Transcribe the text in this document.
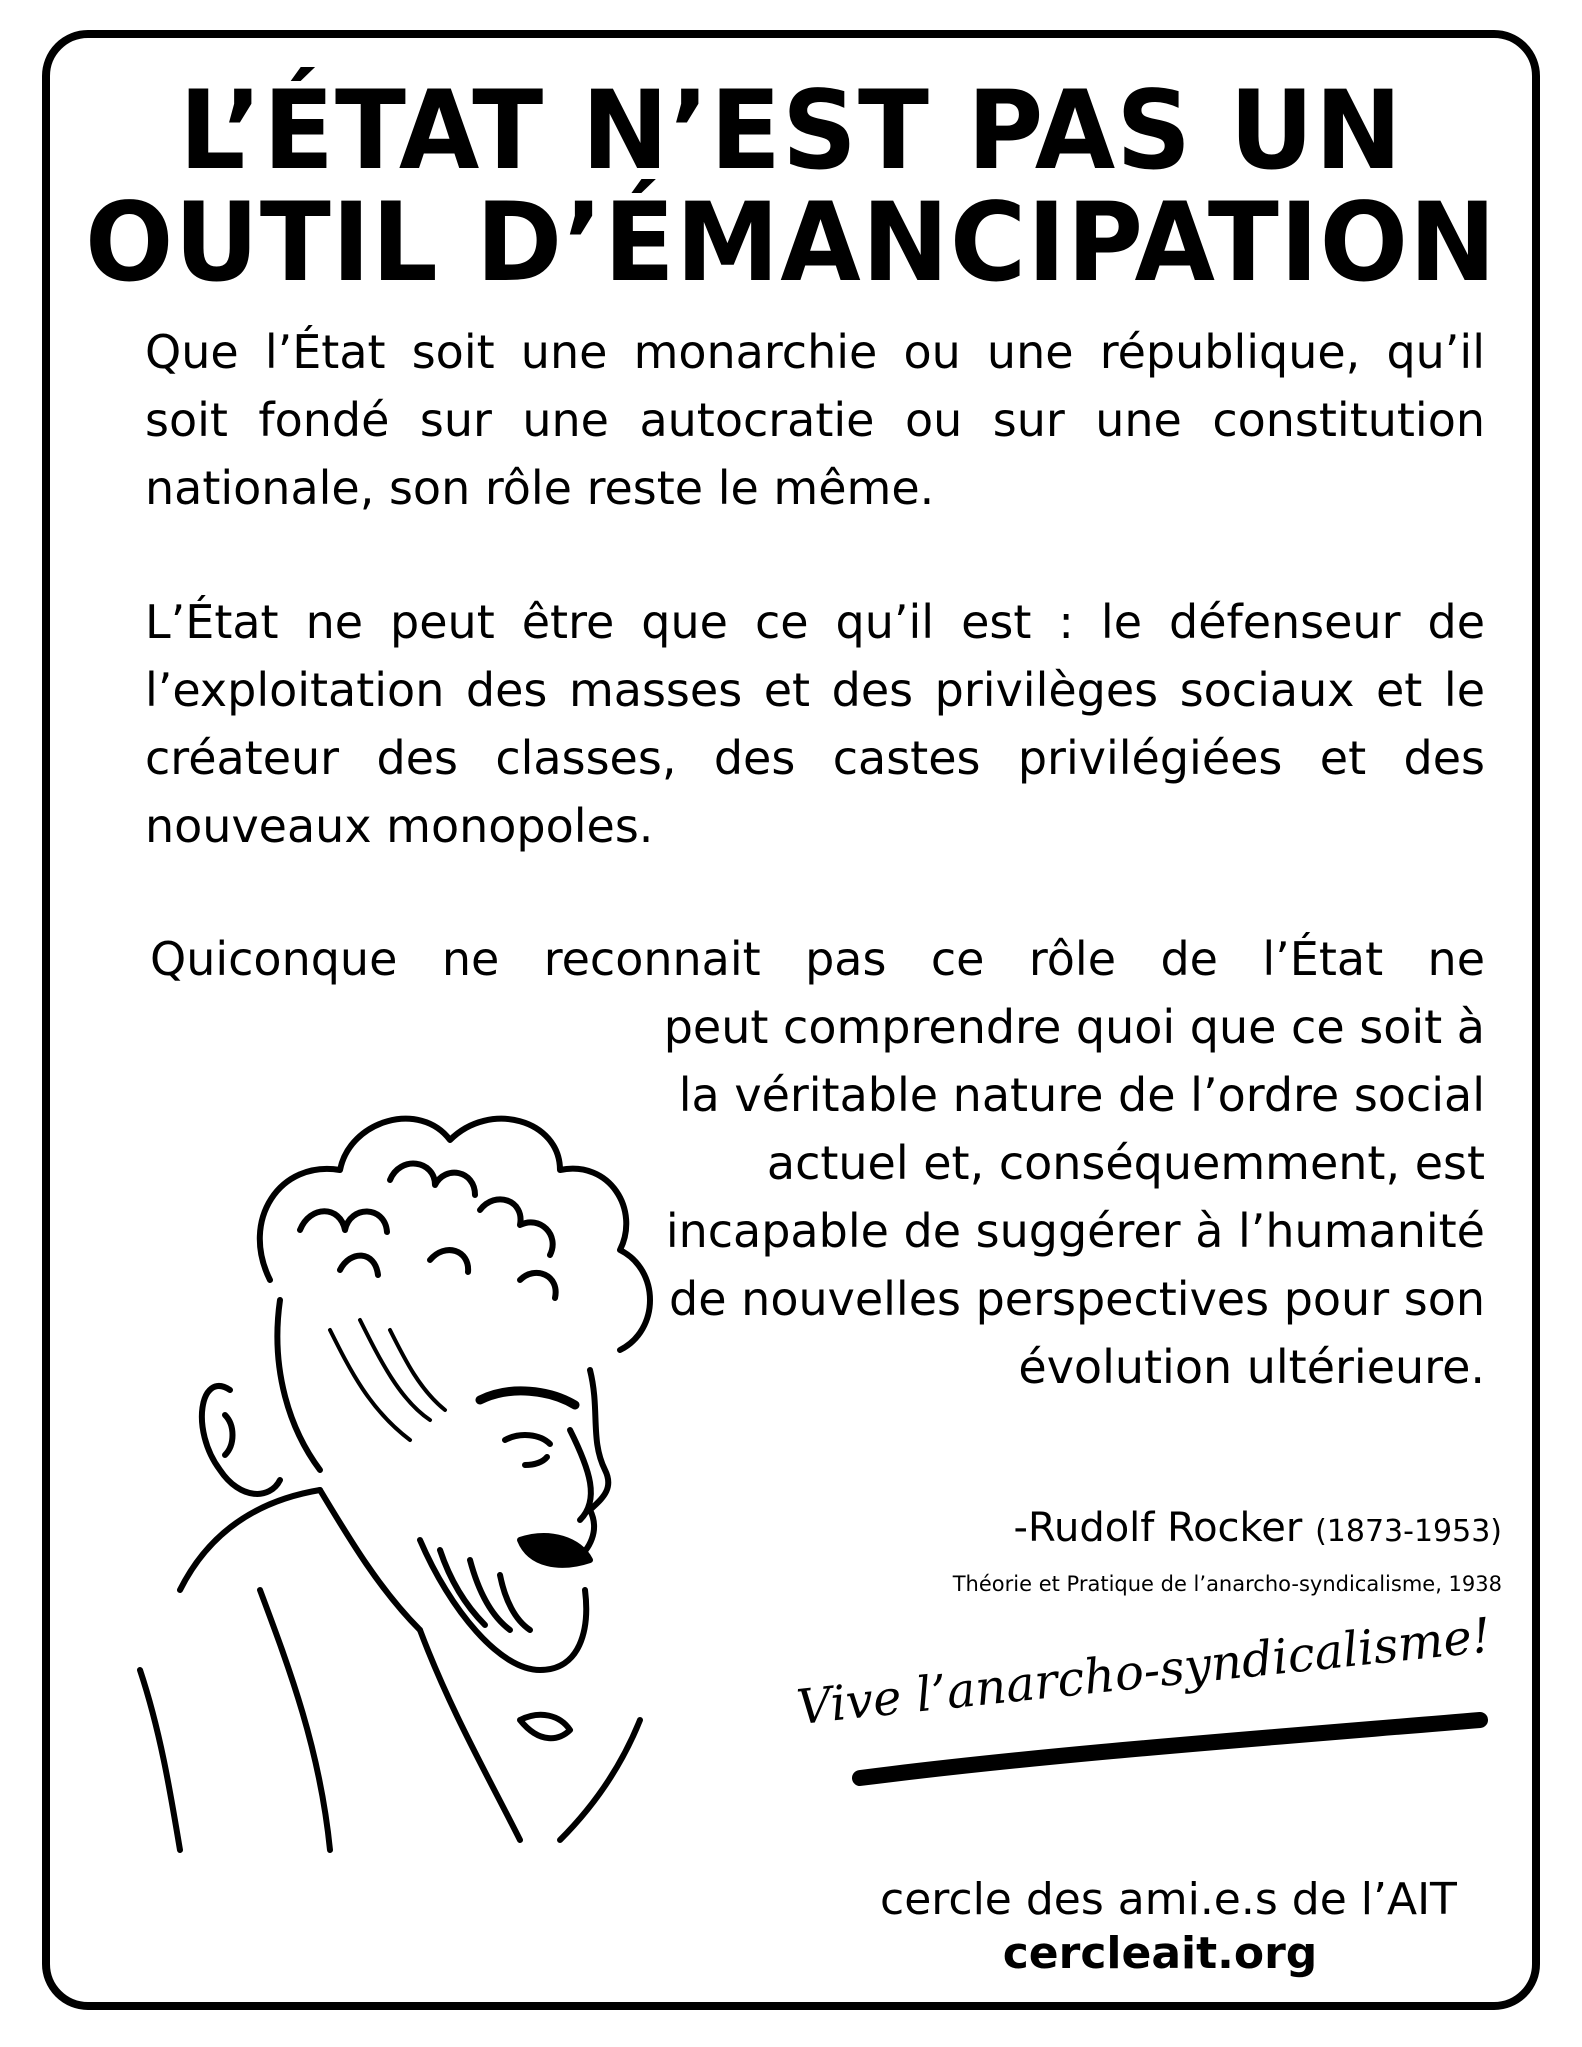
L’ÉTAT N’EST PAS UN
OUTIL D’ÉMANCIPATION

Que l’État soit une monarchie ou une république, qu’il soit fondé sur une autocratie ou sur une constitution nationale, son rôle reste le même.

L’État ne peut être que ce qu’il est : le défenseur de l’exploitation des masses et des privilèges sociaux et le créateur des classes, des castes privilégiées et des nouveaux monopoles.

Quiconque ne reconnait pas ce rôle de l’État ne

peut comprendre quoi que ce soit à la véritable nature de l’ordre social actuel et, conséquemment, est incapable de suggérer à l’humanité de nouvelles perspectives pour son évolution ultérieure.

-Rudolf Rocker (1873-1953)

Théorie et Pratique de l’anarcho-syndicalisme, 1938

Vive l’anarcho-syndicalisme!

cercle des ami.e.s de l’AIT

cercleait.org
